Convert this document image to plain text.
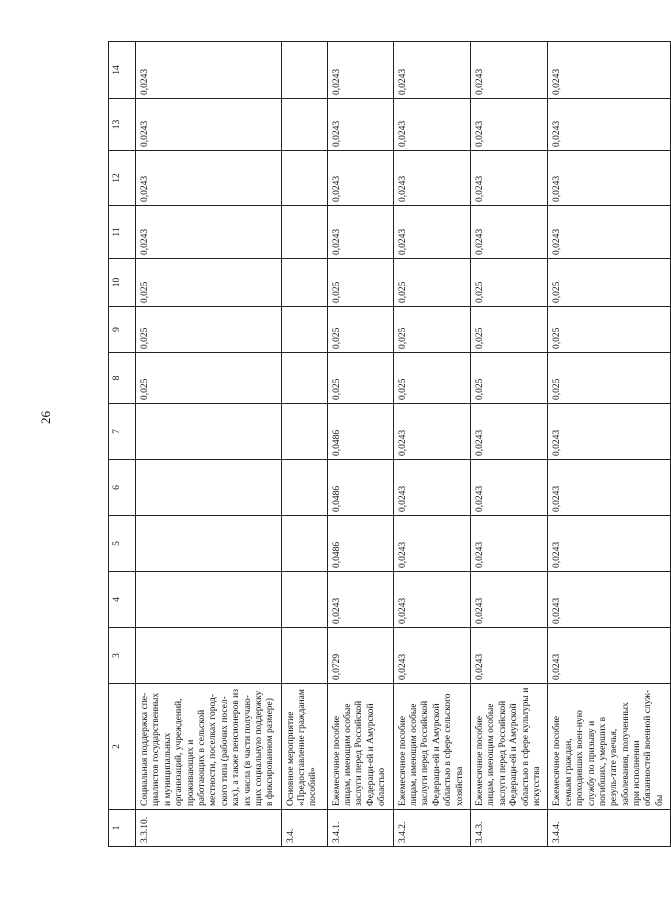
26
1	2	3	4	5	6	7	8	9	10	11	12	13	14
3.3.10.	Социальная поддержка спе-циалистов государственных и муниципальных организаций, учреждений, проживающих и работающих в сельской местности, поселках город-ского типа (рабочих посел-ках), а также пенсионеров из их числа (в части получаю-щих социальную поддержку в фиксированном размере)						0,025	0,025	0,025	0,0243	0,0243	0,0243	0,0243
3.4.	Основное мероприятие «Предоставление гражданам пособий»												
3.4.1.	Ежемесячное пособие лицам, имеющим особые заслуги перед Российской Федераци-ей и Амурской областью	0,0729	0,0243	0,0486	0,0486	0,0486	0,025	0,025	0,025	0,0243	0,0243	0,0243	0,0243
3.4.2.	Ежемесячное пособие лицам, имеющим особые заслуги перед Российской Федераци-ей и Амурской областью в сфере сельского хозяйства	0,0243	0,0243	0,0243	0,0243	0,0243	0,025	0,025	0,025	0,0243	0,0243	0,0243	0,0243
3.4.3.	Ежемесячное пособие лицам, имеющим особые заслуги перед Российской Федераци-ей и Амурской областью в сфере культуры и искусства	0,0243	0,0243	0,0243	0,0243	0,0243	0,025	0,025	0,025	0,0243	0,0243	0,0243	0,0243
3.4.4.	Ежемесячное пособие семьям граждан, проходивших воен-ную службу по призыву и погибших, умерших в резуль-тате увечья, заболевания, полученных при исполнении обязанностей военной служ-бы	0,0243	0,0243	0,0243	0,0243	0,0243	0,025	0,025	0,025	0,0243	0,0243	0,0243	0,0243
